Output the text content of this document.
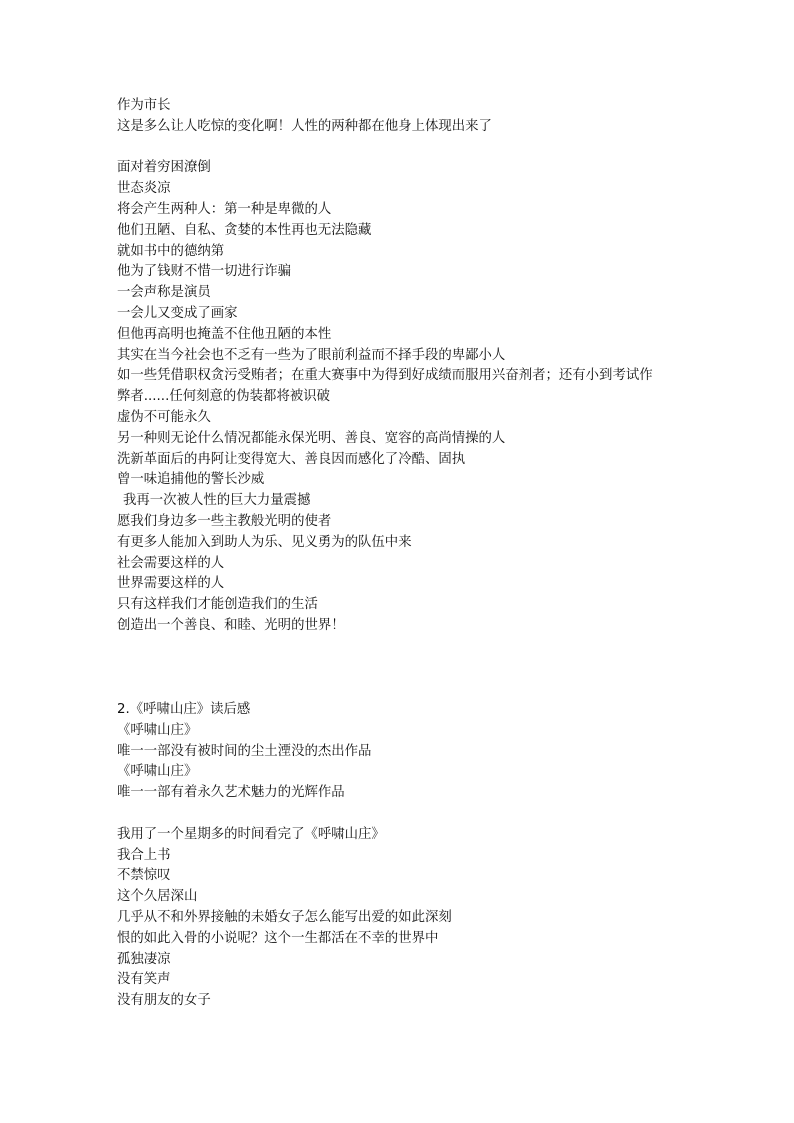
作为市长
这是多么让人吃惊的变化啊！人性的两种都在他身上体现出来了
面对着穷困潦倒
世态炎凉
将会产生两种人：第一种是卑微的人
他们丑陋、自私、贪婪的本性再也无法隐藏
就如书中的德纳第
他为了钱财不惜一切进行诈骗
一会声称是演员
一会儿又变成了画家
但他再高明也掩盖不住他丑陋的本性
其实在当今社会也不乏有一些为了眼前利益而不择手段的卑鄙小人
如一些凭借职权贪污受贿者；在重大赛事中为得到好成绩而服用兴奋剂者；还有小到考试作
弊者......任何刻意的伪装都将被识破
虚伪不可能永久
另一种则无论什么情况都能永保光明、善良、宽容的高尚情操的人
洗新革面后的冉阿让变得宽大、善良因而感化了冷酷、固执
曾一味追捕他的警长沙威
我再一次被人性的巨大力量震撼
愿我们身边多一些主教般光明的使者
有更多人能加入到助人为乐、见义勇为的队伍中来
社会需要这样的人
世界需要这样的人
只有这样我们才能创造我们的生活
创造出一个善良、和睦、光明的世界！
2.《呼啸山庄》读后感
《呼啸山庄》
唯一一部没有被时间的尘土湮没的杰出作品
《呼啸山庄》
唯一一部有着永久艺术魅力的光辉作品
我用了一个星期多的时间看完了《呼啸山庄》
我合上书
不禁惊叹
这个久居深山
几乎从不和外界接触的未婚女子怎么能写出爱的如此深刻
恨的如此入骨的小说呢？这个一生都活在不幸的世界中
孤独凄凉
没有笑声
没有朋友的女子
